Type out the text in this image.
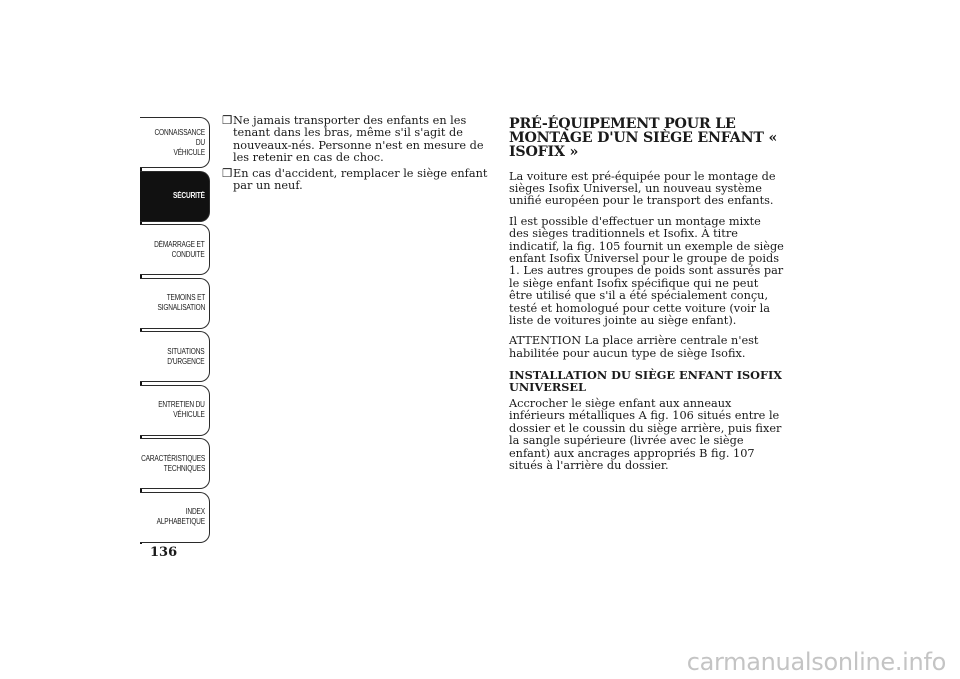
CONNAISSANCE DU
VÉHICULE
SÉCURITÉ
DÉMARRAGE ET
CONDUITE
TEMOINS ET
SIGNALISATION
SITUATIONS
D'URGENCE
ENTRETIEN DU
VÉHICULE
CARACTÉRISTIQUES
TECHNIQUES
INDEX
ALPHABETIQUE
136
❒ Ne jamais transporter des enfants en les tenant dans les bras, même s'il s'agit de nouveaux-nés. Personne n'est en mesure de les retenir en cas de choc.
❒ En cas d'accident, remplacer le siège enfant par un neuf.
PRÉ-ÉQUIPEMENT POUR LE MONTAGE D'UN SIÈGE ENFANT « ISOFIX »

La voiture est pré-équipée pour le montage de sièges Isofix Universel, un nouveau système unifié européen pour le transport des enfants.

Il est possible d'effectuer un montage mixte des sièges traditionnels et Isofix. À titre indicatif, la fig. 105 fournit un exemple de siège enfant Isofix Universel pour le groupe de poids 1. Les autres groupes de poids sont assurés par le siège enfant Isofix spécifique qui ne peut être utilisé que s'il a été spécialement conçu, testé et homologué pour cette voiture (voir la liste de voitures jointe au siège enfant).

ATTENTION La place arrière centrale n'est habilitée pour aucun type de siège Isofix.

INSTALLATION DU SIÈGE ENFANT ISOFIX UNIVERSEL

Accrocher le siège enfant aux anneaux inférieurs métalliques A fig. 106 situés entre le dossier et le coussin du siège arrière, puis fixer la sangle supérieure (livrée avec le siège enfant) aux ancrages appropriés B fig. 107 situés à l'arrière du dossier.

carmanualsonline.info
